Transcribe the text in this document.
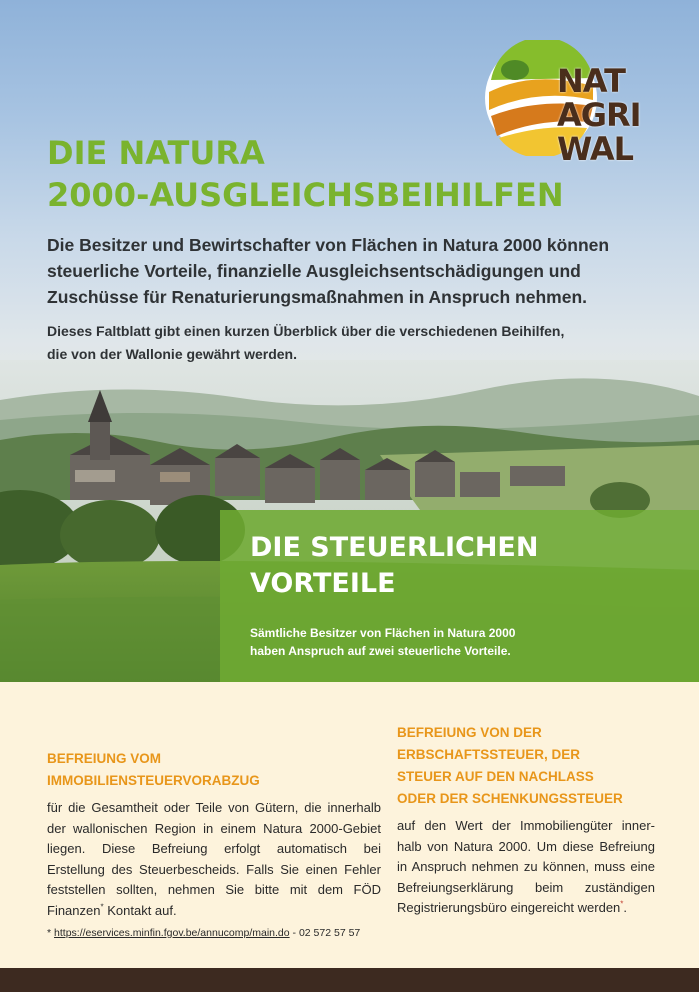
NAT
AGRI
WAL
DIE NATURA
2000-AUSGLEICHSBEIHILFEN
Die Besitzer und Bewirtschafter von Flächen in Natura 2000 können
steuerliche Vorteile, finanzielle Ausgleichsentschädigungen und
Zuschüsse für Renaturierungsmaßnahmen in Anspruch nehmen.
Dieses Faltblatt gibt einen kurzen Überblick über die verschiedenen Beihilfen,
die von der Wallonie gewährt werden.
DIE STEUERLICHEN
VORTEILE
Sämtliche Besitzer von Flächen in Natura 2000
haben Anspruch auf zwei steuerliche Vorteile.
BEFREIUNG VOM
IMMOBILIENSTEUERVORABZUG
für die Gesamtheit oder Teile von Gütern, die innerhalb
der wallonischen Region in einem Natura 2000-Gebiet
liegen. Diese Befreiung erfolgt automatisch bei
Erstellung des Steuerbescheids. Falls Sie einen Fehler
feststellen sollten, nehmen Sie bitte mit dem FÖD
Finanzen* Kontakt auf.
BEFREIUNG VON DER
ERBSCHAFTSSTEUER, DER
STEUER AUF DEN NACHLASS
ODER DER SCHENKUNGSSTEUER
auf den Wert der Immobiliengüter inner-
halb von Natura 2000. Um diese Befreiung
in Anspruch nehmen zu können, muss eine
Befreiungserklärung beim zuständigen
Registrierungsbüro eingereicht werden*.
* https://eservices.minfin.fgov.be/annucomp/main.do - 02 572 57 57
